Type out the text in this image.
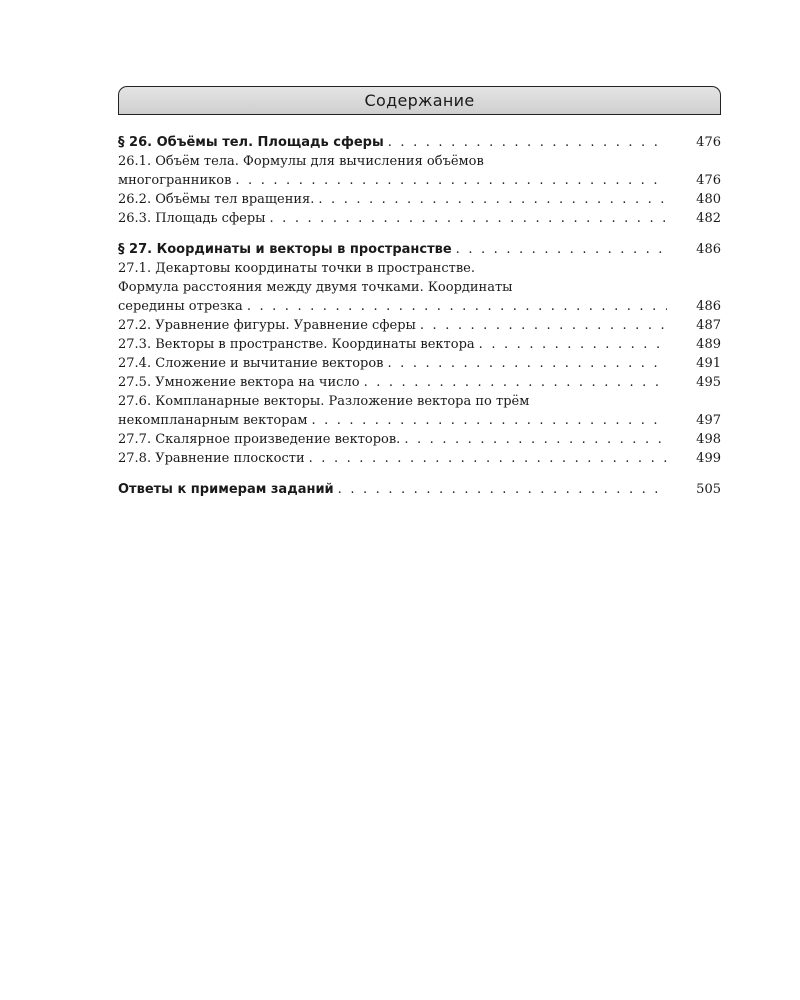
Содержание
§ 26. Объёмы тел. Площадь сферы . . .	476
26.1. Объём тела. Формулы для вычисления объёмов
многогранников . . .	476
26.2. Объёмы тел вращения. . . .	480
26.3. Площадь сферы . . .	482
§ 27. Координаты и векторы в пространстве . . .	486
27.1. Декартовы координаты точки в пространстве.
Формула расстояния между двумя точками. Координаты
середины отрезка . . .	486
27.2. Уравнение фигуры. Уравнение сферы . . .	487
27.3. Векторы в пространстве. Координаты вектора . . .	489
27.4. Сложение и вычитание векторов . . .	491
27.5. Умножение вектора на число . . .	495
27.6. Компланарные векторы. Разложение вектора по трём
некомпланарным векторам . . .	497
27.7. Скалярное произведение векторов. . . .	498
27.8. Уравнение плоскости . . .	499
Ответы к примерам заданий . . .	505
